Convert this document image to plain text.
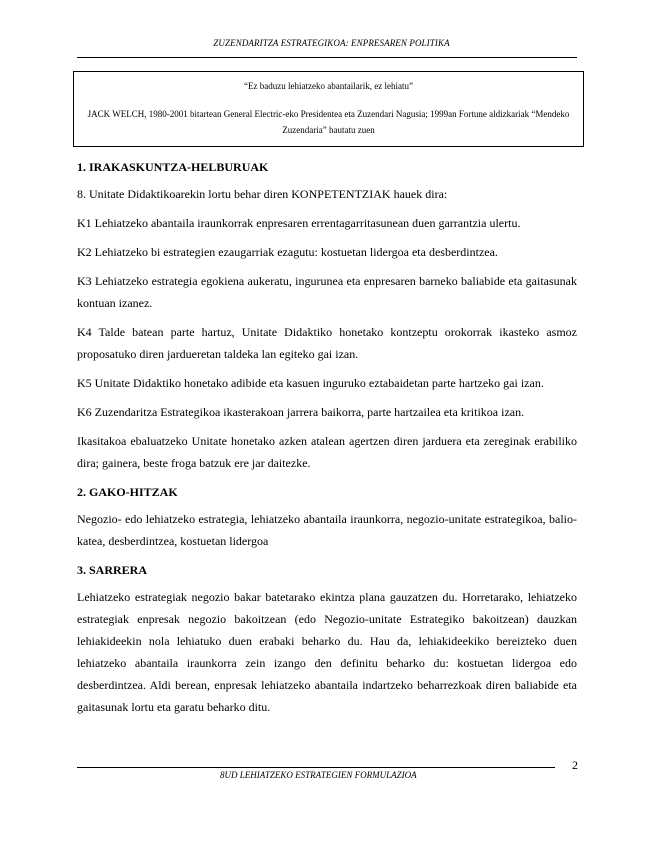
ZUZENDARITZA ESTRATEGIKOA: ENPRESAREN POLITIKA

“Ez baduzu lehiatzeko abantailarik, ez lehiatu”

JACK WELCH, 1980-2001 bitartean General Electric-eko Presidentea eta Zuzendari Nagusia; 1999an Fortune aldizkariak “Mendeko Zuzendaria” hautatu zuen

1. IRAKASKUNTZA-HELBURUAK

8. Unitate Didaktikoarekin lortu behar diren KONPETENTZIAK hauek dira:

K1 Lehiatzeko abantaila iraunkorrak enpresaren errentagarritasunean duen garrantzia ulertu.

K2 Lehiatzeko bi estrategien ezaugarriak ezagutu: kostuetan lidergoa eta desberdintzea.

K3 Lehiatzeko estrategia egokiena aukeratu, ingurunea eta enpresaren barneko baliabide eta gaitasunak kontuan izanez.

K4 Talde batean parte hartuz, Unitate Didaktiko honetako kontzeptu orokorrak ikasteko asmoz proposatuko diren jardueretan taldeka lan egiteko gai izan.

K5 Unitate Didaktiko honetako adibide eta kasuen inguruko eztabaidetan parte hartzeko gai izan.

K6 Zuzendaritza Estrategikoa ikasterakoan jarrera baikorra, parte hartzailea eta kritikoa izan.

Ikasitakoa ebaluatzeko Unitate honetako azken atalean agertzen diren jarduera eta zereginak erabiliko dira; gainera, beste froga batzuk ere jar daitezke.

2. GAKO-HITZAK

Negozio- edo lehiatzeko estrategia, lehiatzeko abantaila iraunkorra, negozio-unitate estrategikoa, balio-katea, desberdintzea, kostuetan lidergoa

3. SARRERA

Lehiatzeko estrategiak negozio bakar batetarako ekintza plana gauzatzen du. Horretarako, lehiatzeko estrategiak enpresak negozio bakoitzean (edo Negozio-unitate Estrategiko bakoitzean) dauzkan lehiakideekin nola lehiatuko duen erabaki beharko du. Hau da, lehiakideekiko bereizteko duen lehiatzeko abantaila iraunkorra zein izango den definitu beharko du: kostuetan lidergoa edo desberdintzea. Aldi berean, enpresak lehiatzeko abantaila indartzeko beharrezkoak diren baliabide eta gaitasunak lortu eta garatu beharko ditu.

2
8UD LEHIATZEKO ESTRATEGIEN FORMULAZIOA
